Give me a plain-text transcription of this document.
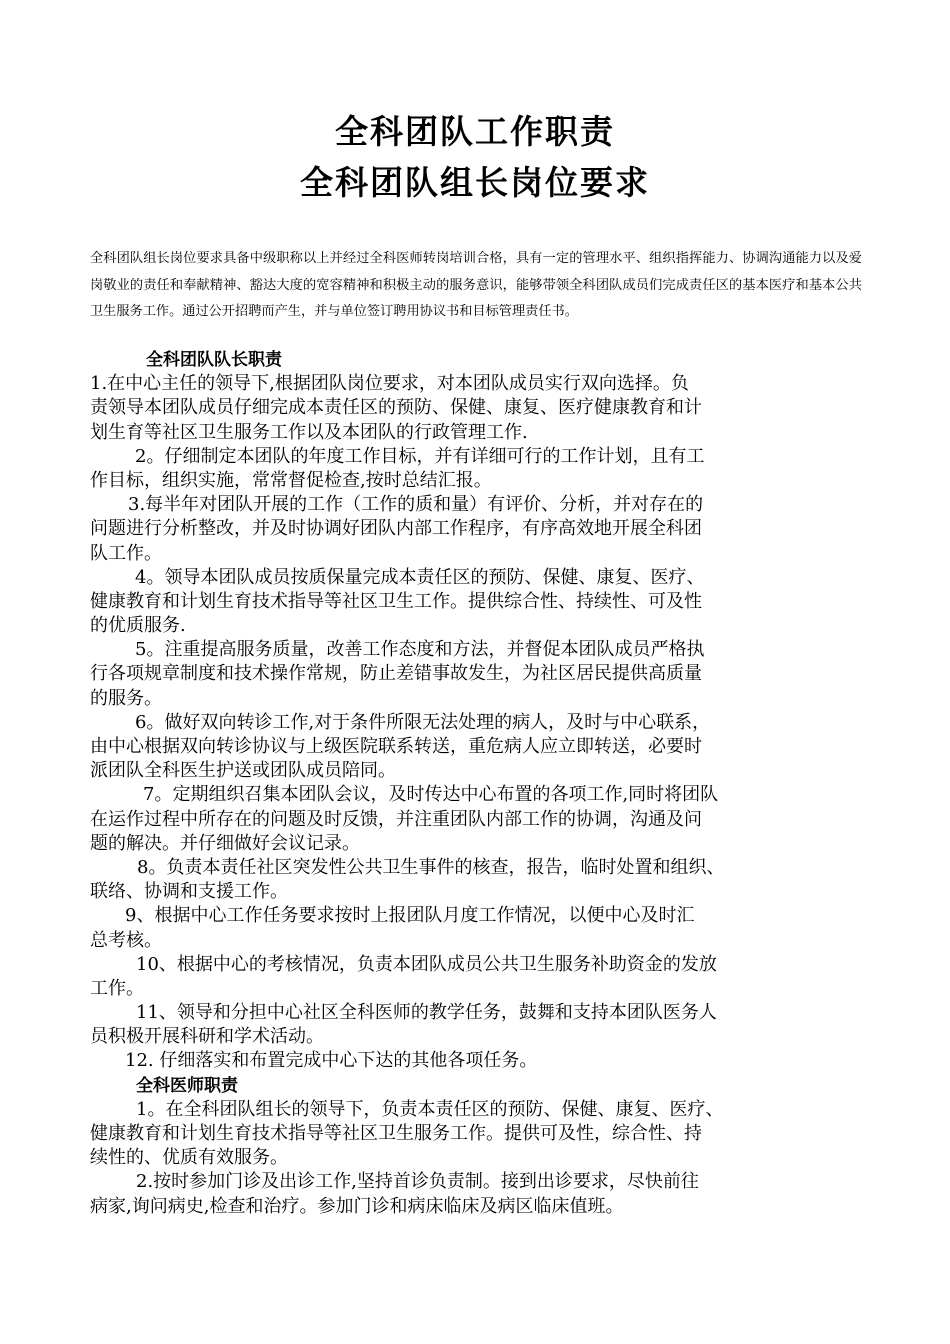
全科团队工作职责
全科团队组长岗位要求
全科团队组长岗位要求具备中级职称以上并经过全科医师转岗培训合格，具有一定的管理水平、组织指挥能力、协调沟通能力以及爱岗敬业的责任和奉献精神、豁达大度的宽容精神和积极主动的服务意识，能够带领全科团队成员们完成责任区的基本医疗和基本公共卫生服务工作。通过公开招聘而产生，并与单位签订聘用协议书和目标管理责任书。
全科团队队长职责
1.在中心主任的领导下,根据团队岗位要求，对本团队成员实行双向选择。负
责领导本团队成员仔细完成本责任区的预防、保健、康复、医疗健康教育和计
划生育等社区卫生服务工作以及本团队的行政管理工作.
2。仔细制定本团队的年度工作目标，并有详细可行的工作计划，且有工
作目标，组织实施，常常督促检查,按时总结汇报。
3.每半年对团队开展的工作（工作的质和量）有评价、分析，并对存在的
问题进行分析整改，并及时协调好团队内部工作程序，有序高效地开展全科团
队工作。
4。领导本团队成员按质保量完成本责任区的预防、保健、康复、医疗、
健康教育和计划生育技术指导等社区卫生工作。提供综合性、持续性、可及性
的优质服务.
5。注重提高服务质量，改善工作态度和方法，并督促本团队成员严格执
行各项规章制度和技术操作常规，防止差错事故发生，为社区居民提供高质量
的服务。
6。做好双向转诊工作,对于条件所限无法处理的病人，及时与中心联系，
由中心根据双向转诊协议与上级医院联系转送，重危病人应立即转送，必要时
派团队全科医生护送或团队成员陪同。
7。定期组织召集本团队会议，及时传达中心布置的各项工作,同时将团队
在运作过程中所存在的问题及时反馈，并注重团队内部工作的协调，沟通及问
题的解决。并仔细做好会议记录。
8。负责本责任社区突发性公共卫生事件的核查，报告，临时处置和组织、
联络、协调和支援工作。
9、根据中心工作任务要求按时上报团队月度工作情况，以便中心及时汇
总考核。
10、根据中心的考核情况，负责本团队成员公共卫生服务补助资金的发放
工作。
11、领导和分担中心社区全科医师的教学任务，鼓舞和支持本团队医务人
员积极开展科研和学术活动。
12. 仔细落实和布置完成中心下达的其他各项任务。
全科医师职责
1。在全科团队组长的领导下，负责本责任区的预防、保健、康复、医疗、
健康教育和计划生育技术指导等社区卫生服务工作。提供可及性，综合性、持
续性的、优质有效服务。
2.按时参加门诊及出诊工作,坚持首诊负责制。接到出诊要求，尽快前往
病家,询问病史,检查和治疗。参加门诊和病床临床及病区临床值班。
